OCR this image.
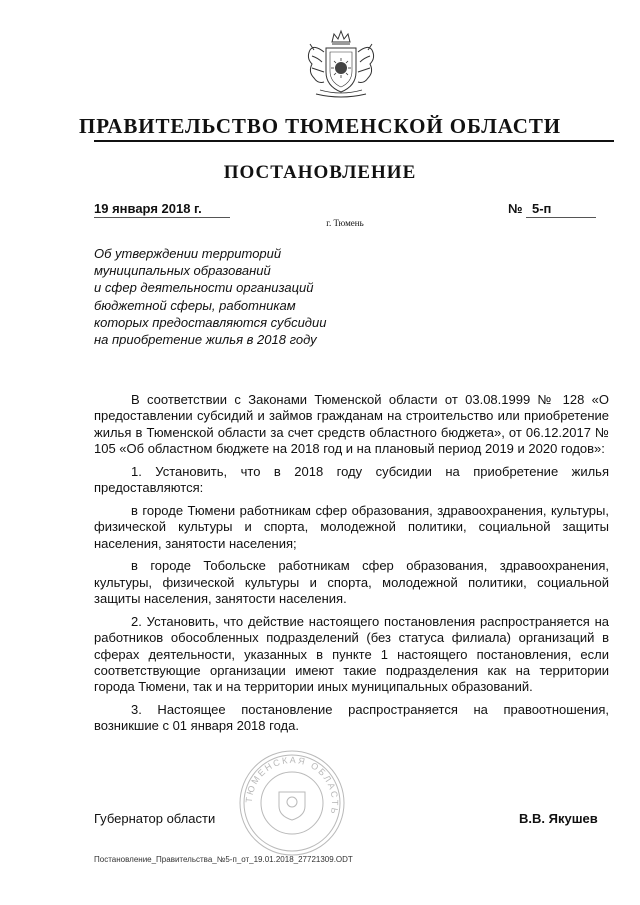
ПРАВИТЕЛЬСТВО ТЮМЕНСКОЙ ОБЛАСТИ
ПОСТАНОВЛЕНИЕ
19 января 2018 г.	№ 5-п
г. Тюмень
Об утверждении территорий
муниципальных образований
и сфер деятельности организаций
бюджетной сферы, работникам
которых предоставляются субсидии
на приобретение жилья в 2018 году

В соответствии с Законами Тюменской области от 03.08.1999 № 128 «О предоставлении субсидий и займов гражданам на строительство или приобретение жилья в Тюменской области за счет средств областного бюджета», от 06.12.2017 № 105 «Об областном бюджете на 2018 год и на плановый период 2019 и 2020 годов»:

1. Установить, что в 2018 году субсидии на приобретение жилья предоставляются:

в городе Тюмени работникам сфер образования, здравоохранения, культуры, физической культуры и спорта, молодежной политики, социальной защиты населения, занятости населения;

в городе Тобольске работникам сфер образования, здравоохранения, культуры, физической культуры и спорта, молодежной политики, социальной защиты населения, занятости населения.

2. Установить, что действие настоящего постановления распространяется на работников обособленных подразделений (без статуса филиала) организаций в сферах деятельности, указанных в пункте 1 настоящего постановления, если соответствующие организации имеют такие подразделения как на территории города Тюмени, так и на территории иных муниципальных образований.

3. Настоящее постановление распространяется на правоотношения, возникшие с 01 января 2018 года.

ТЮМЕНСКАЯ ОБЛАСТЬ
Губернатор области	В.В. Якушев
Постановление_Правительства_№5-п_от_19.01.2018_27721309.ODT
